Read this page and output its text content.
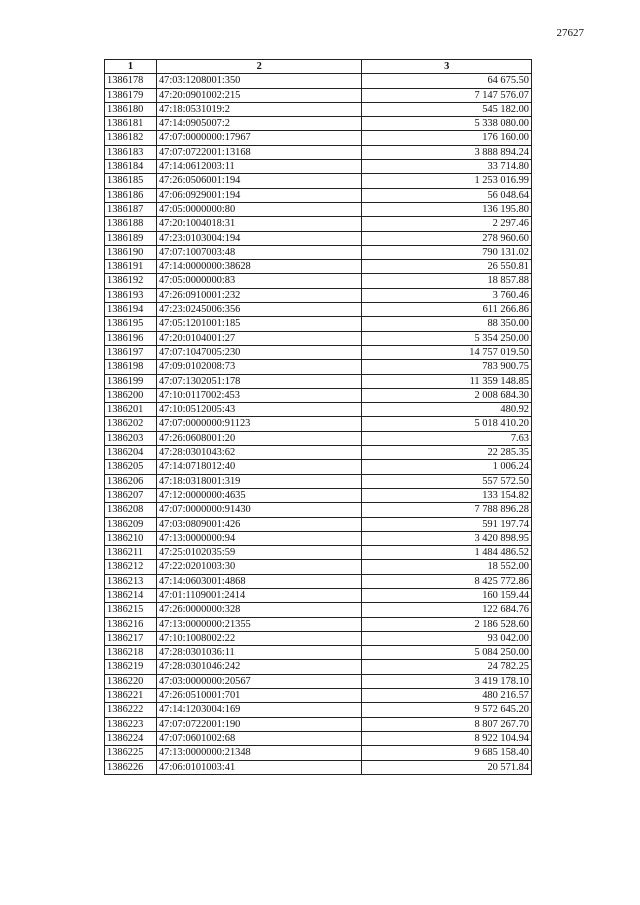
27627
1	2	3
1386178	47:03:1208001:350	64 675.50
1386179	47:20:0901002:215	7 147 576.07
1386180	47:18:0531019:2	545 182.00
1386181	47:14:0905007:2	5 338 080.00
1386182	47:07:0000000:17967	176 160.00
1386183	47:07:0722001:13168	3 888 894.24
1386184	47:14:0612003:11	33 714.80
1386185	47:26:0506001:194	1 253 016.99
1386186	47:06:0929001:194	56 048.64
1386187	47:05:0000000:80	136 195.80
1386188	47:20:1004018:31	2 297.46
1386189	47:23:0103004:194	278 960.60
1386190	47:07:1007003:48	790 131.02
1386191	47:14:0000000:38628	26 550.81
1386192	47:05:0000000:83	18 857.88
1386193	47:26:0910001:232	3 760.46
1386194	47:23:0245006:356	611 266.86
1386195	47:05:1201001:185	88 350.00
1386196	47:20:0104001:27	5 354 250.00
1386197	47:07:1047005:230	14 757 019.50
1386198	47:09:0102008:73	783 900.75
1386199	47:07:1302051:178	11 359 148.85
1386200	47:10:0117002:453	2 008 684.30
1386201	47:10:0512005:43	480.92
1386202	47:07:0000000:91123	5 018 410.20
1386203	47:26:0608001:20	7.63
1386204	47:28:0301043:62	22 285.35
1386205	47:14:0718012:40	1 006.24
1386206	47:18:0318001:319	557 572.50
1386207	47:12:0000000:4635	133 154.82
1386208	47:07:0000000:91430	7 788 896.28
1386209	47:03:0809001:426	591 197.74
1386210	47:13:0000000:94	3 420 898.95
1386211	47:25:0102035:59	1 484 486.52
1386212	47:22:0201003:30	18 552.00
1386213	47:14:0603001:4868	8 425 772.86
1386214	47:01:1109001:2414	160 159.44
1386215	47:26:0000000:328	122 684.76
1386216	47:13:0000000:21355	2 186 528.60
1386217	47:10:1008002:22	93 042.00
1386218	47:28:0301036:11	5 084 250.00
1386219	47:28:0301046:242	24 782.25
1386220	47:03:0000000:20567	3 419 178.10
1386221	47:26:0510001:701	480 216.57
1386222	47:14:1203004:169	9 572 645.20
1386223	47:07:0722001:190	8 807 267.70
1386224	47:07:0601002:68	8 922 104.94
1386225	47:13:0000000:21348	9 685 158.40
1386226	47:06:0101003:41	20 571.84
